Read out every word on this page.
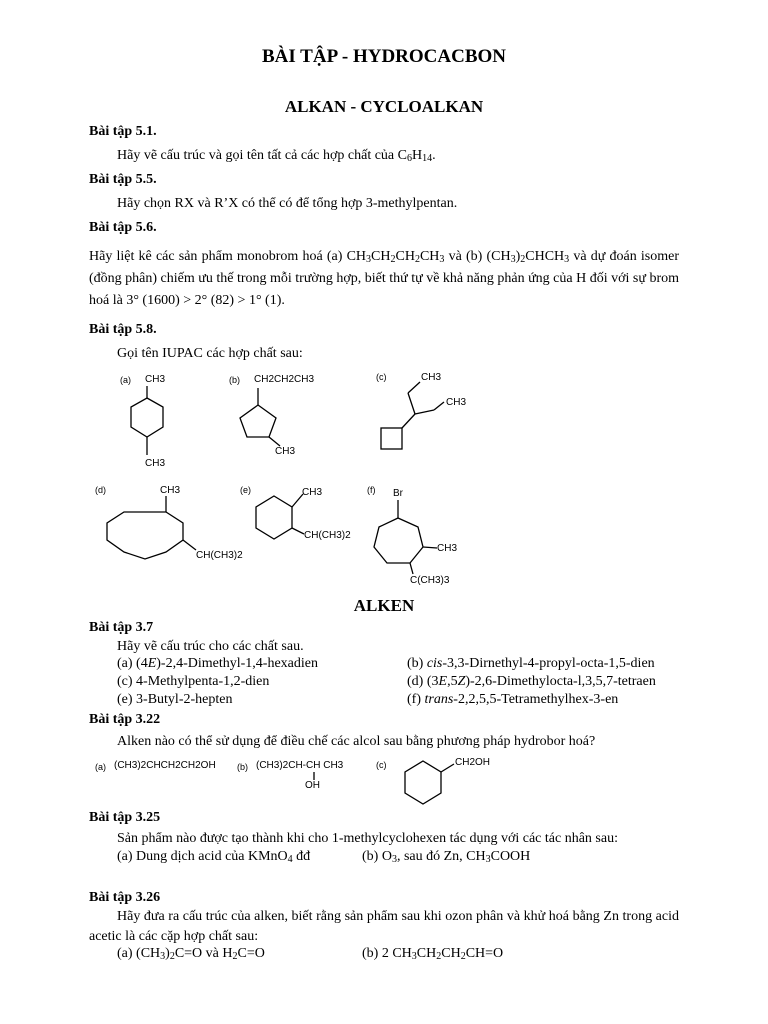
BÀI TẬP - HYDROCACBON
ALKAN - CYCLOALKAN
Bài tập 5.1.
Hãy vẽ cấu trúc và gọi tên tất cả các hợp chất của $C_6H_{14}$.
Bài tập 5.5.
Hãy chọn RX và R’X có thể có để tổng hợp 3-methylpentan.
Bài tập 5.6.
Hãy liệt kê các sản phẩm monobrom hoá (a) $CH_3CH_2CH_2CH_3$ và (b) $(CH_3)_2CHCH_3$ và dự đoán isomer (đồng phân) chiếm ưu thế trong mỗi trường hợp, biết thứ tự về khả năng phản ứng của H đối với sự brom hoá là 3° (1600) > 2° (82) > 1° (1).
Bài tập 5.8.
Gọi tên IUPAC các hợp chất sau:
(a) CH3
CH3
(b) CH2CH2CH3
CH3
(c)	CH3
CH3
(d)	CH3
CH(CH3)2
(e)	CH3
CH(CH3)2
(f) Br
CH3
C(CH3)3
ALKEN
Bài tập 3.7
Hãy vẽ cấu trúc cho các chất sau.
(a) (4E)-2,4-Dimethyl-1,4-hexadien	(b) cis-3,3-Dirnethyl-4-propyl-octa-1,5-dien
(c) 4-Methylpenta-1,2-dien	(d) (3E,5Z)-2,6-Dimethylocta-l,3,5,7-tetraen
(e) 3-Butyl-2-hepten	(f) trans-2,2,5,5-Tetramethylhex-3-en
Bài tập 3.22
Alken nào có thể sử dụng để điều chế các alcol sau bằng phương pháp hydrobor hoá?
(a) (CH3)2CHCH2CH2OH (b) (CH3)2CH-CH CH3
OH
(c)	CH2OH
Bài tập 3.25
Sản phẩm nào được tạo thành khi cho 1-methylcyclohexen tác dụng với các tác nhân sau:
(a) Dung dịch acid của KMnO$_4$ đđ	(b) $O_3$, sau đó Zn, $CH_3COOH$
Bài tập 3.26
Hãy đưa ra cấu trúc của alken, biết rằng sản phẩm sau khi ozon phân và khử hoá bằng Zn trong acid acetic là các cặp hợp chất sau:
(a) $(CH_3)_2C=O$ và $H_2C=O$	(b) 2 $CH_3CH_2CH_2CH=O$
